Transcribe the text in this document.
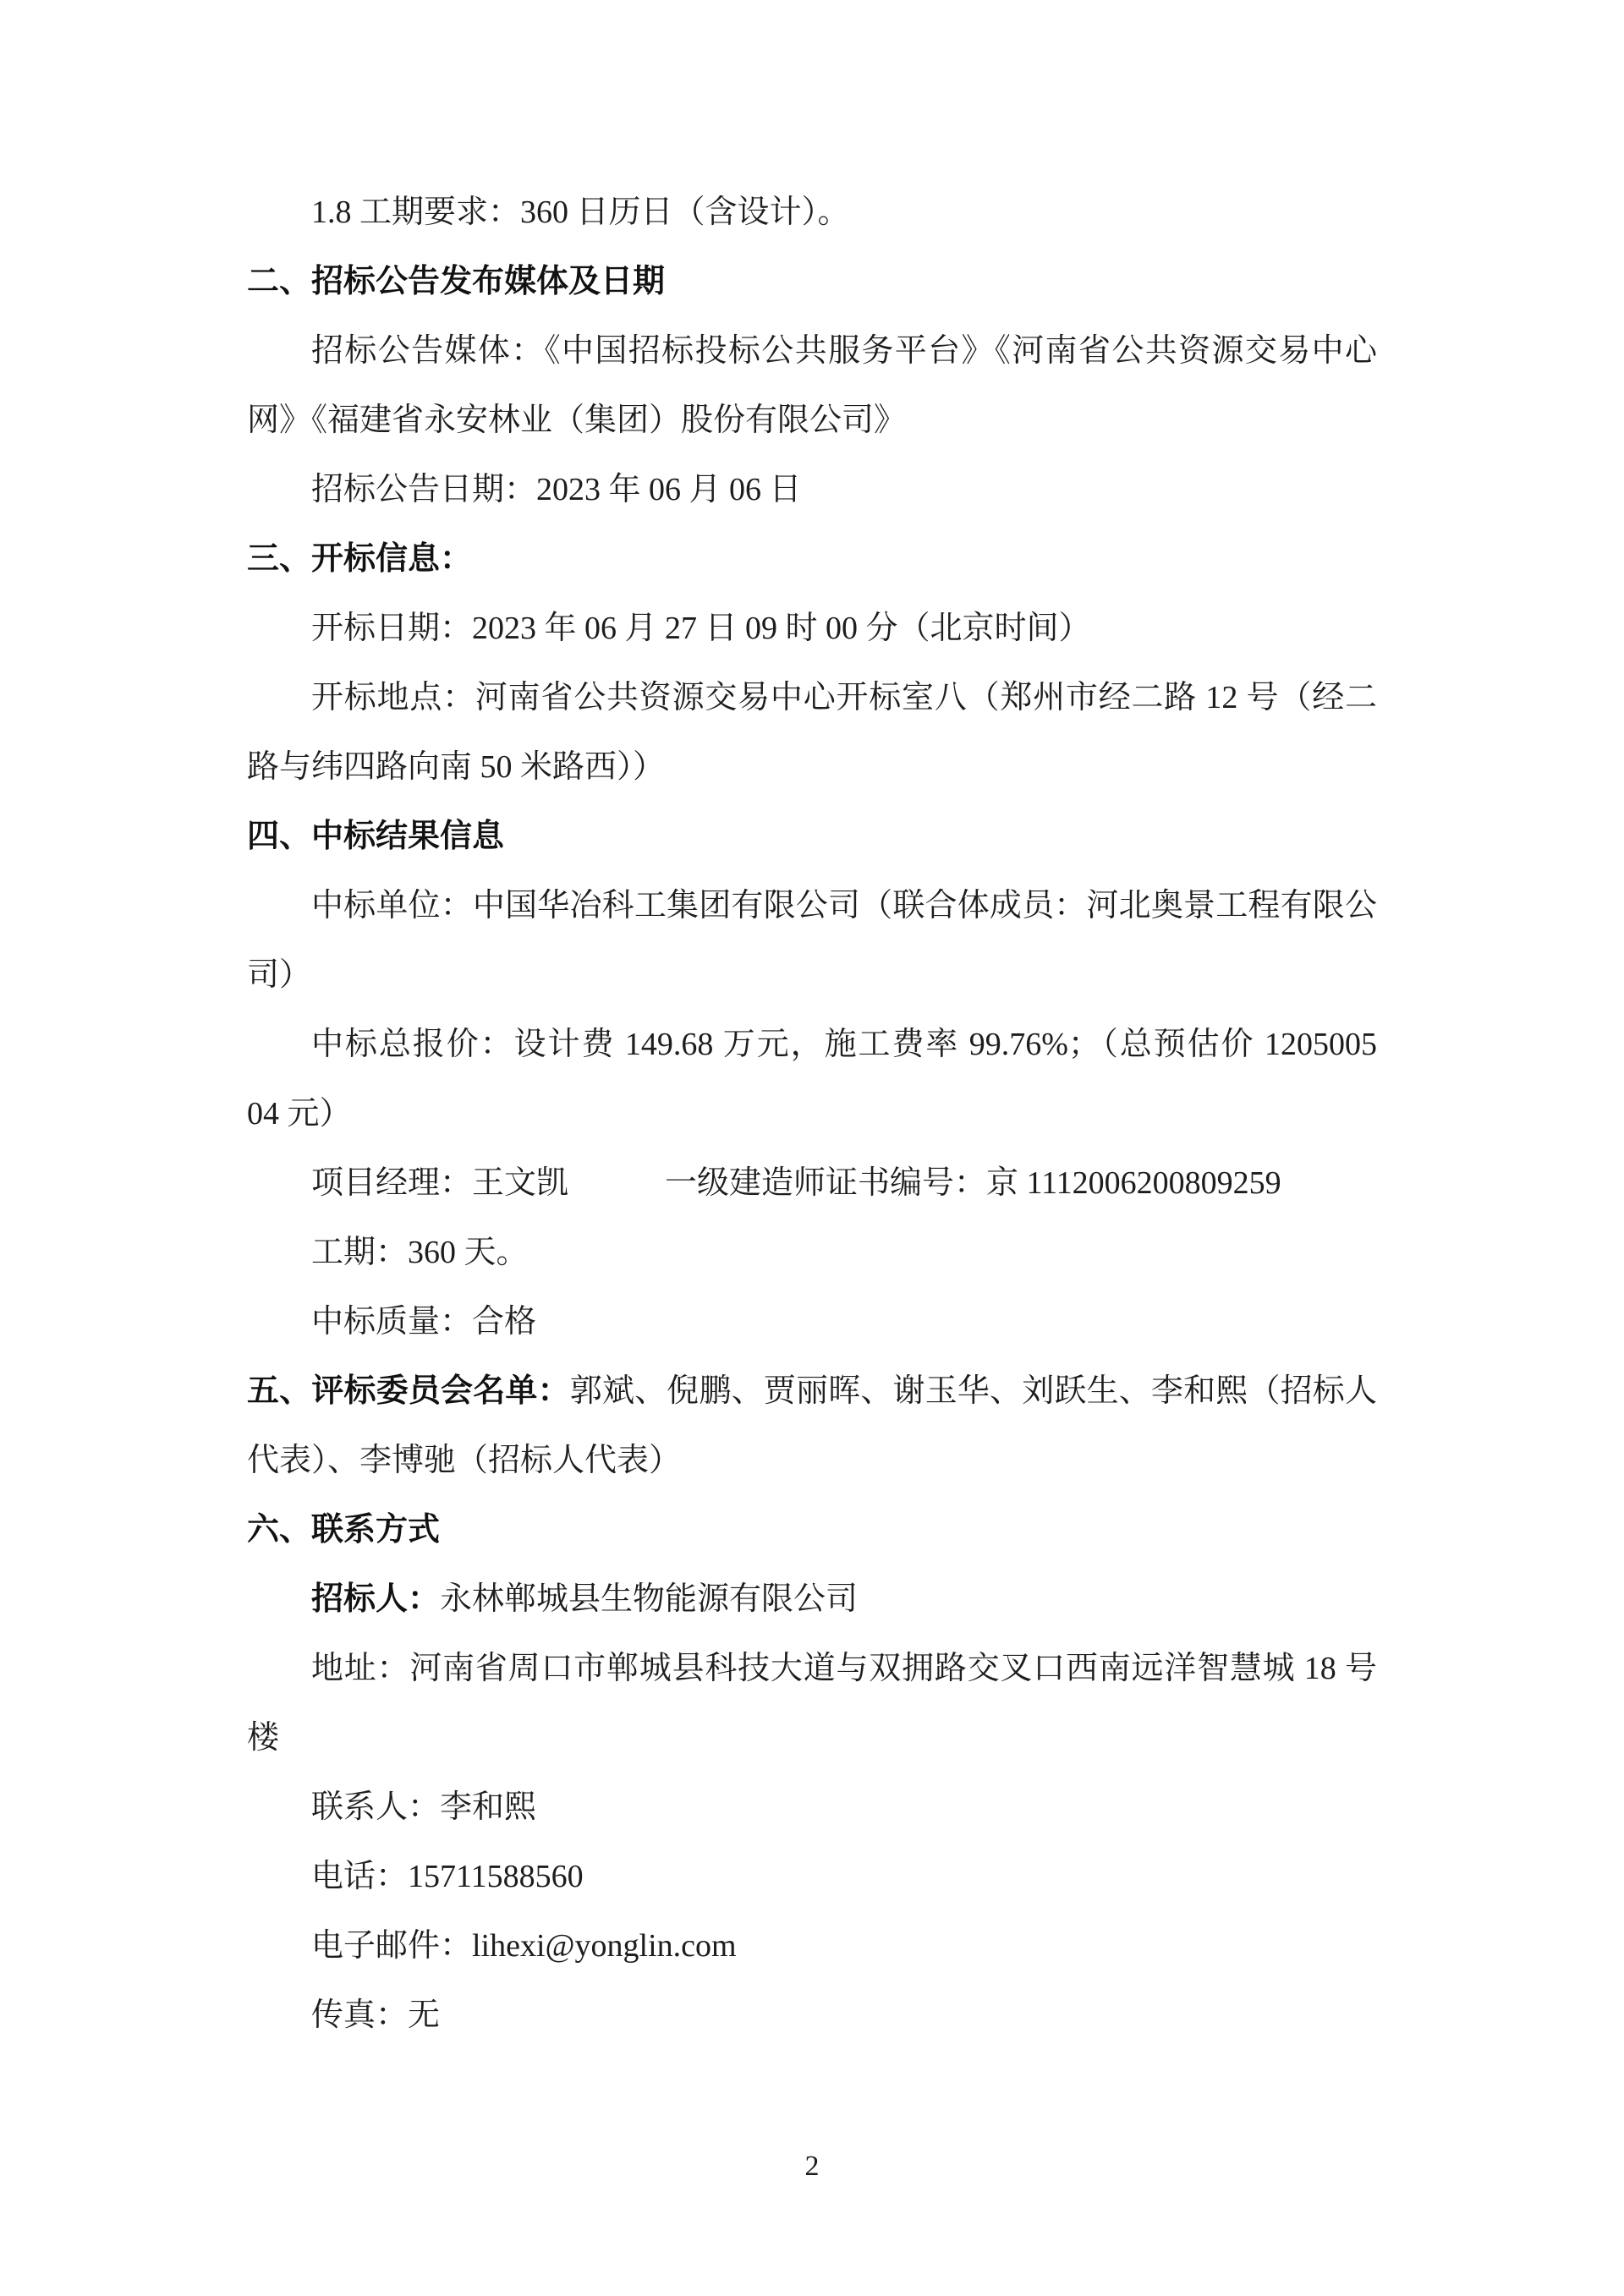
1.8 工期要求：360 日历日（含设计）。

二、招标公告发布媒体及日期

招标公告媒体：《中国招标投标公共服务平台》《河南省公共资源交易中心

网》《福建省永安林业（集团）股份有限公司》

招标公告日期：2023 年 06 月 06 日

三、开标信息：

开标日期：2023 年 06 月 27 日 09 时 00 分（北京时间）

开标地点：河南省公共资源交易中心开标室八（郑州市经二路 12 号（经二

路与纬四路向南 50 米路西））

四、中标结果信息

中标单位：中国华冶科工集团有限公司（联合体成员：河北奥景工程有限公

司）

中标总报价：设计费 149.68 万元，施工费率 99.76%；（总预估价 1205005

04 元）

项目经理：王文凯　　　一级建造师证书编号：京 1112006200809259

工期：360 天。

中标质量：合格

五、评标委员会名单：郭斌、倪鹏、贾丽晖、谢玉华、刘跃生、李和熙（招标人

代表）、李博驰（招标人代表）

六、联系方式

招标人：永林郸城县生物能源有限公司

地址：河南省周口市郸城县科技大道与双拥路交叉口西南远洋智慧城 18 号

楼

联系人：李和熙

电话：15711588560

电子邮件：lihexi@yonglin.com

传真：无

2
